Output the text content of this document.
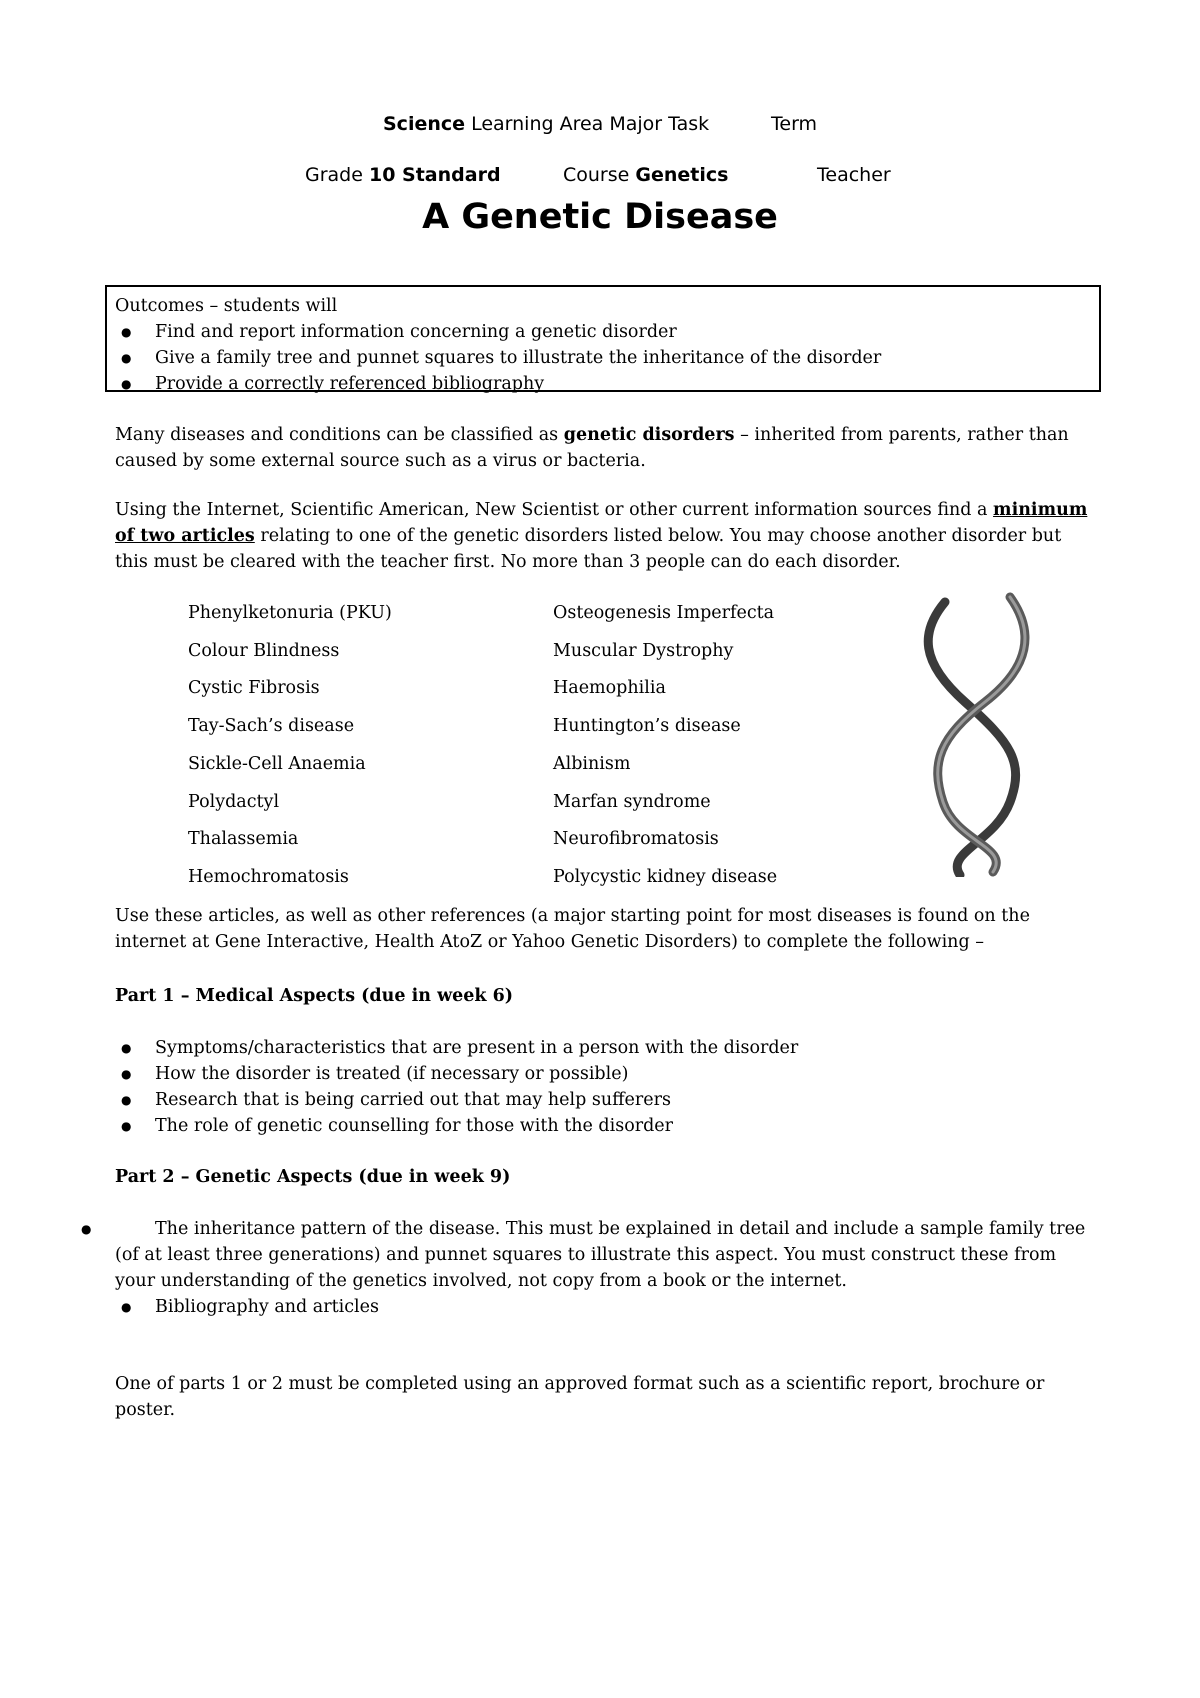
Science Learning Area Major Task	Term
Grade 10 Standard	Course Genetics	Teacher
A Genetic Disease
Outcomes – students will
● Find and report information concerning a genetic disorder
● Give a family tree and punnet squares to illustrate the inheritance of the disorder
● Provide a correctly referenced bibliography
Many diseases and conditions can be classified as genetic disorders – inherited from parents, rather than caused by some external source such as a virus or bacteria.
Using the Internet, Scientific American, New Scientist or other current information sources find a minimum of two articles relating to one of the genetic disorders listed below. You may choose another disorder but this must be cleared with the teacher first. No more than 3 people can do each disorder.
Phenylketonuria (PKU)
Colour Blindness
Cystic Fibrosis
Tay-Sach’s disease
Sickle-Cell Anaemia
Polydactyl
Thalassemia
Hemochromatosis
Osteogenesis Imperfecta
Muscular Dystrophy
Haemophilia
Huntington’s disease
Albinism
Marfan syndrome
Neurofibromatosis
Polycystic kidney disease
Use these articles, as well as other references (a major starting point for most diseases is found on the internet at Gene Interactive, Health AtoZ or Yahoo Genetic Disorders) to complete the following –
Part 1 – Medical Aspects (due in week 6)
● Symptoms/characteristics that are present in a person with the disorder
● How the disorder is treated (if necessary or possible)
● Research that is being carried out that may help sufferers
● The role of genetic counselling for those with the disorder
Part 2 – Genetic Aspects (due in week 9)
●	The inheritance pattern of the disease. This must be explained in detail and include a sample family tree (of at least three generations) and punnet squares to illustrate this aspect. You must construct these from your understanding of the genetics involved, not copy from a book or the internet.
● Bibliography and articles
One of parts 1 or 2 must be completed using an approved format such as a scientific report, brochure or poster.
